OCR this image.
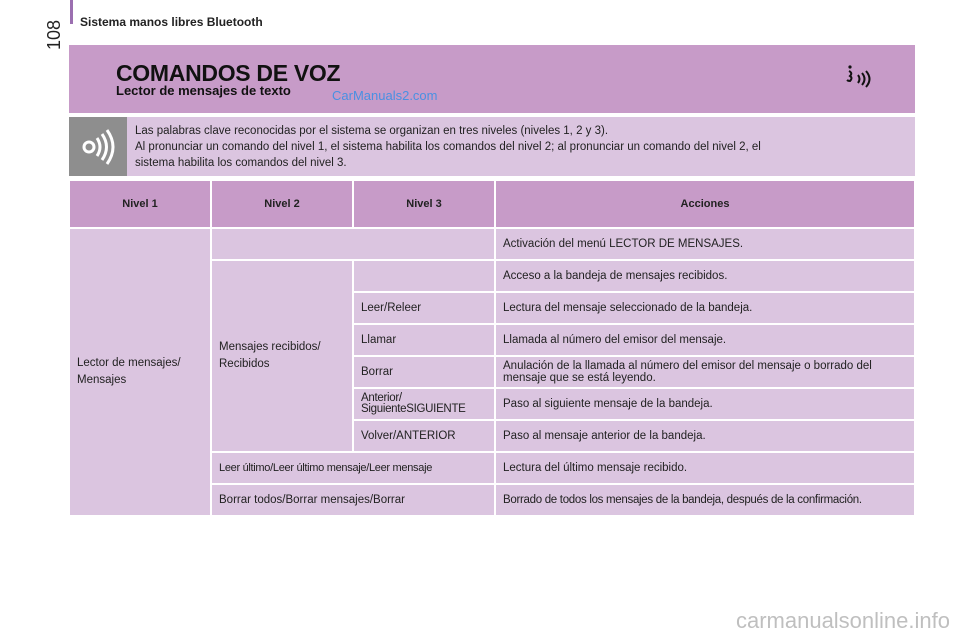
Sistema manos libres Bluetooth
108
COMANDOS DE VOZ
Lector de mensajes de texto	CarManuals2.com
Las palabras clave reconocidas por el sistema se organizan en tres niveles (niveles 1, 2 y 3).
Al pronunciar un comando del nivel 1, el sistema habilita los comandos del nivel 2; al pronunciar un comando del nivel 2, el
sistema habilita los comandos del nivel 3.
Nivel 1	Nivel 2	Nivel 3	Acciones
Lector de mensajes/
Mensajes			Activación del menú LECTOR DE MENSAJES.
	Mensajes recibidos/
Recibidos		Acceso a la bandeja de mensajes recibidos.
		Leer/Releer	Lectura del mensaje seleccionado de la bandeja.
		Llamar	Llamada al número del emisor del mensaje.
		Borrar	Anulación de la llamada al número del emisor del mensaje o borrado del mensaje que se está leyendo.
		Anterior/
SiguienteSIGUIENTE	Paso al siguiente mensaje de la bandeja.
		Volver/ANTERIOR	Paso al mensaje anterior de la bandeja.
	Leer último/Leer último mensaje/Leer mensaje		Lectura del último mensaje recibido.
	Borrar todos/Borrar mensajes/Borrar		Borrado de todos los mensajes de la bandeja, después de la confirmación.
carmanualsonline.info
